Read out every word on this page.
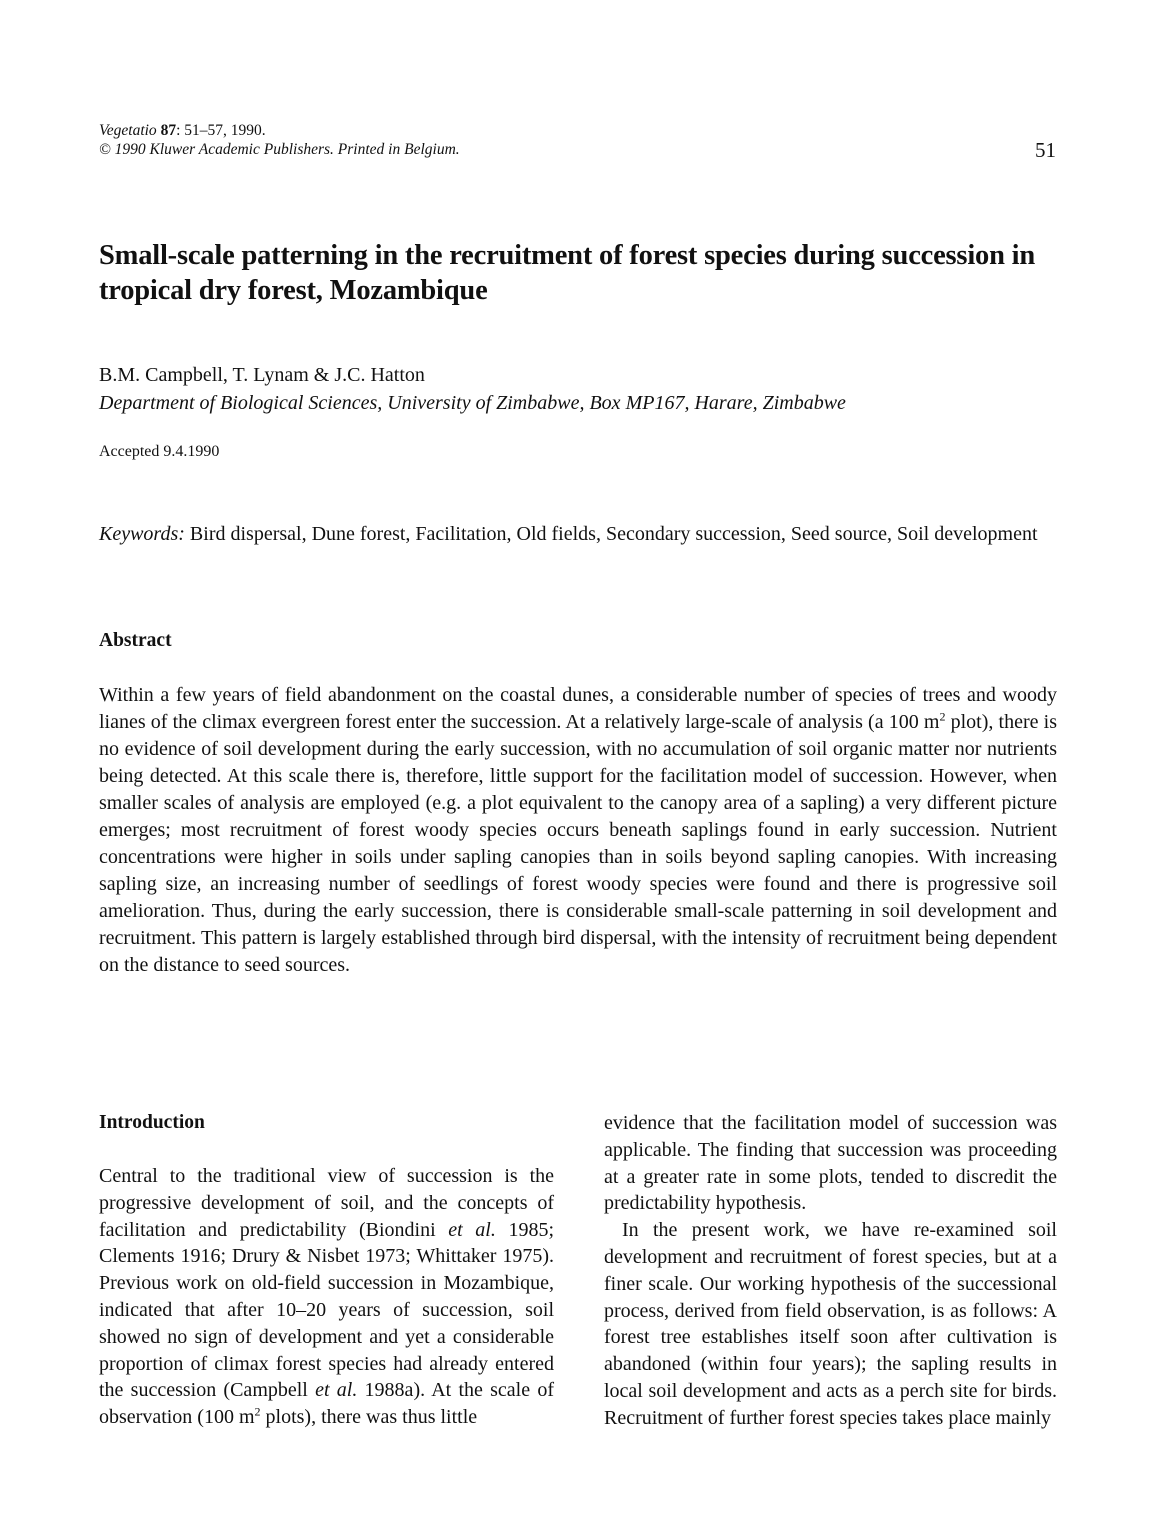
Vegetatio 87: 51–57, 1990.
© 1990 Kluwer Academic Publishers. Printed in Belgium.	51
Small-scale patterning in the recruitment of forest species during succession in tropical dry forest, Mozambique
B.M. Campbell, T. Lynam & J.C. Hatton
Department of Biological Sciences, University of Zimbabwe, Box MP167, Harare, Zimbabwe
Accepted 9.4.1990
Keywords: Bird dispersal, Dune forest, Facilitation, Old fields, Secondary succession, Seed source, Soil development
Abstract
Within a few years of field abandonment on the coastal dunes, a considerable number of species of trees and woody lianes of the climax evergreen forest enter the succession. At a relatively large-scale of analysis (a 100 $m^2$ plot), there is no evidence of soil development during the early succession, with no accumulation of soil organic matter nor nutrients being detected. At this scale there is, therefore, little support for the facilitation model of succession. However, when smaller scales of analysis are employed (e.g. a plot equivalent to the canopy area of a sapling) a very different picture emerges; most recruitment of forest woody species occurs beneath saplings found in early succession. Nutrient concentrations were higher in soils under sapling canopies than in soils beyond sapling canopies. With increasing sapling size, an increasing number of seedlings of forest woody species were found and there is progressive soil amelioration. Thus, during the early succession, there is considerable small-scale patterning in soil development and recruitment. This pattern is largely established through bird dispersal, with the intensity of recruitment being dependent on the distance to seed sources.
Introduction

Central to the traditional view of succession is the progressive development of soil, and the concepts of facilitation and predictability (Biondini et al. 1985; Clements 1916; Drury & Nisbet 1973; Whittaker 1975). Previous work on old-field succession in Mozambique, indicated that after 10–20 years of succession, soil showed no sign of development and yet a considerable proportion of climax forest species had already entered the succession (Campbell et al. 1988a). At the scale of observation (100 $m^2$ plots), there was thus little

evidence that the facilitation model of succession was applicable. The finding that succession was proceeding at a greater rate in some plots, tended to discredit the predictability hypothesis.

In the present work, we have re-examined soil development and recruitment of forest species, but at a finer scale. Our working hypothesis of the successional process, derived from field observation, is as follows: A forest tree establishes itself soon after cultivation is abandoned (within four years); the sapling results in local soil development and acts as a perch site for birds. Recruitment of further forest species takes place mainly
